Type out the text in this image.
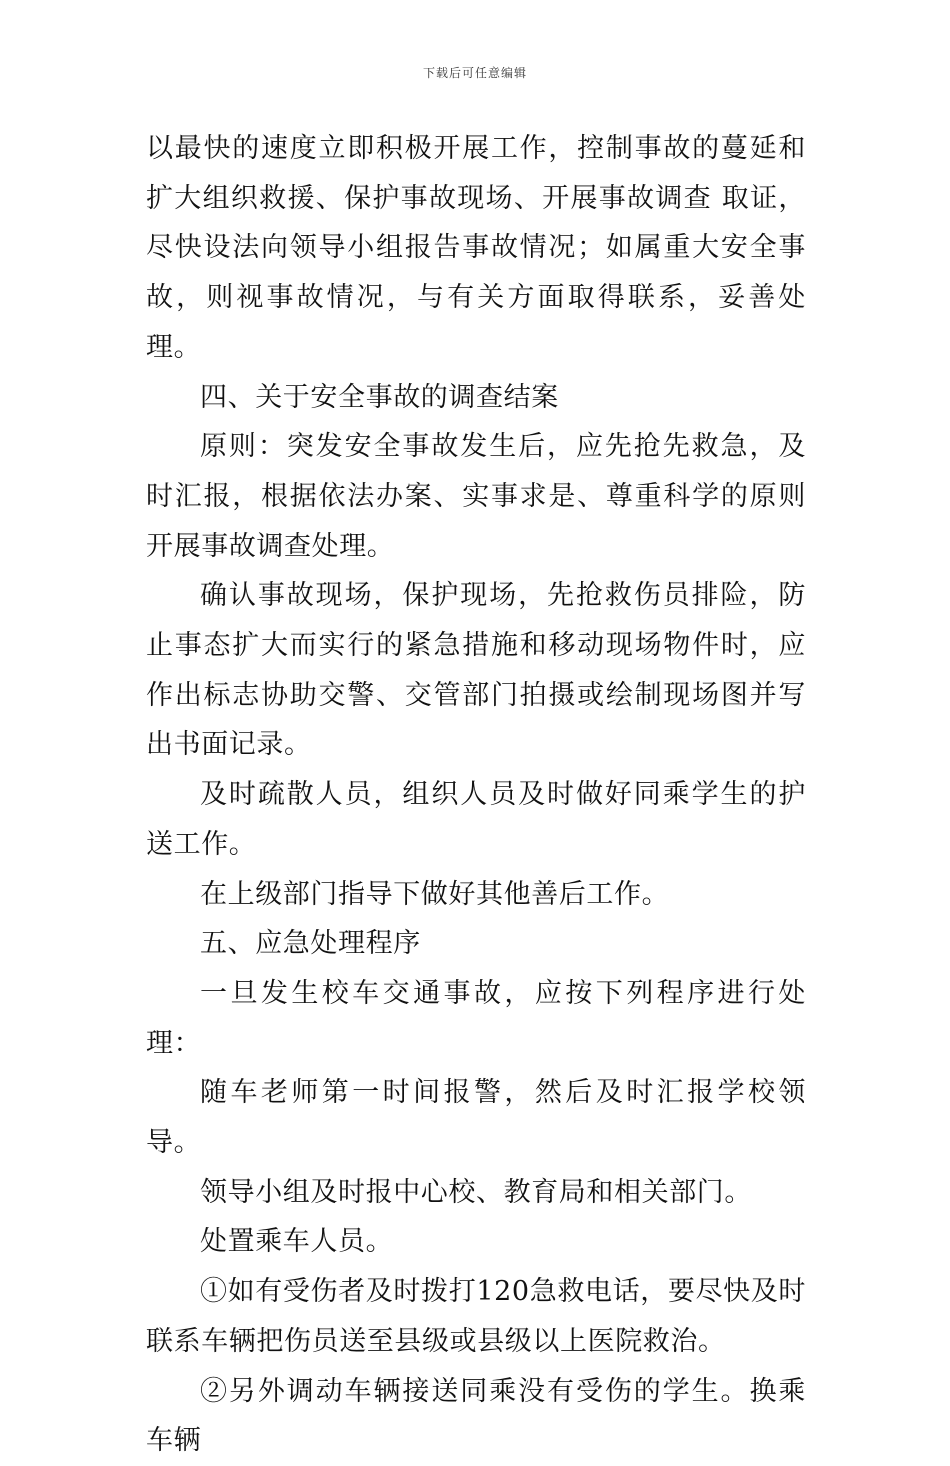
下载后可任意编辑

以最快的速度立即积极开展工作，控制事故的蔓延和扩大组织救援、保护事故现场、开展事故调查 取证，尽快设法向领导小组报告事故情况；如属重大安全事故，则视事故情况，与有关方面取得联系，妥善处理。

四、关于安全事故的调查结案

原则：突发安全事故发生后，应先抢先救急，及时汇报，根据依法办案、实事求是、尊重科学的原则开展事故调查处理。

确认事故现场，保护现场，先抢救伤员排险，防止事态扩大而实行的紧急措施和移动现场物件时，应作出标志协助交警、交管部门拍摄或绘制现场图并写出书面记录。

及时疏散人员，组织人员及时做好同乘学生的护送工作。

在上级部门指导下做好其他善后工作。

五、应急处理程序

一旦发生校车交通事故，应按下列程序进行处理：

随车老师第一时间报警，然后及时汇报学校领导。

领导小组及时报中心校、教育局和相关部门。

处置乘车人员。

①如有受伤者及时拨打120急救电话，要尽快及时联系车辆把伤员送至县级或县级以上医院救治。

②另外调动车辆接送同乘没有受伤的学生。换乘车辆
